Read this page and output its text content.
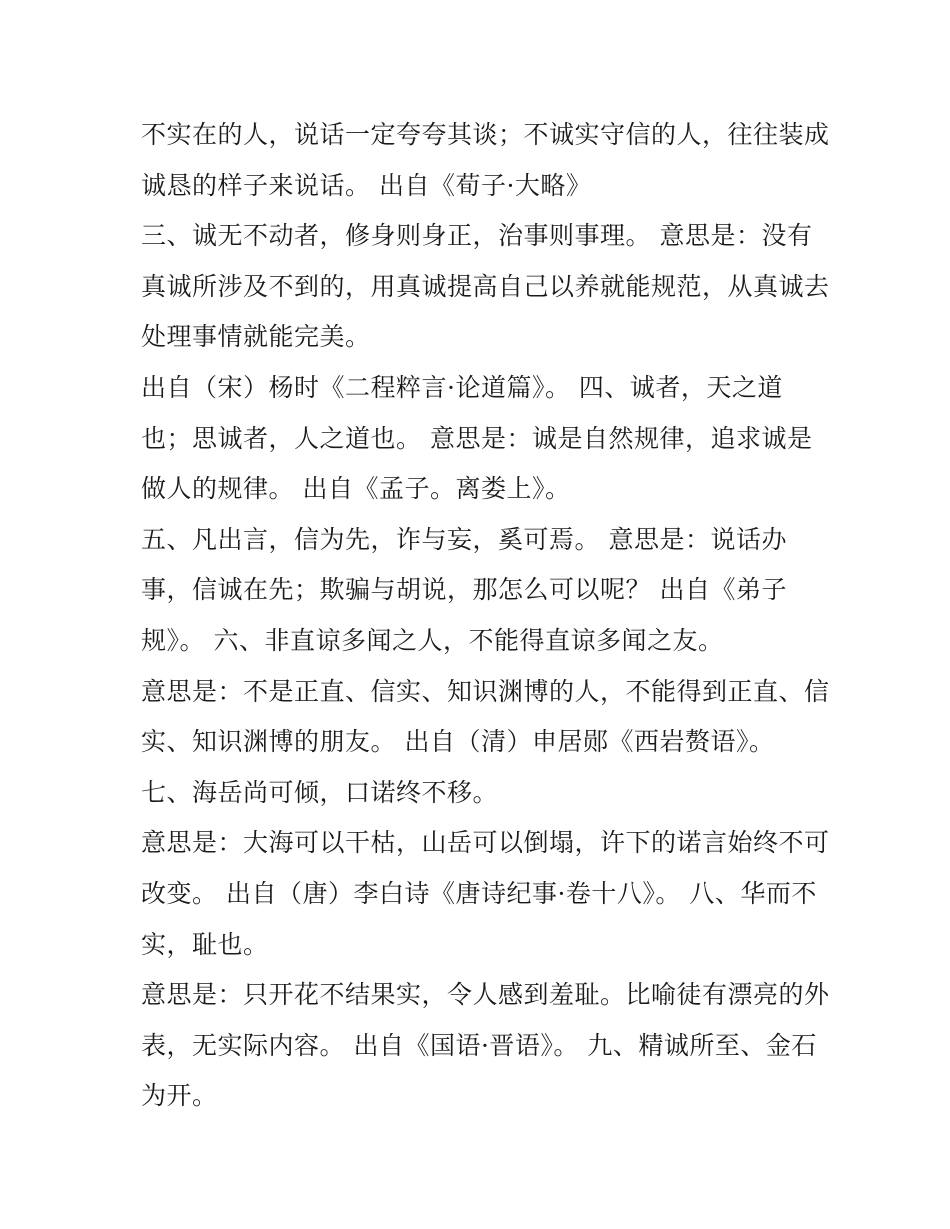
不实在的人，说话一定夸夸其谈；不诚实守信的人，往往装成
诚恳的样子来说话。 出自《荀子·大略》
三、诚无不动者，修身则身正，治事则事理。 意思是：没有
真诚所涉及不到的，用真诚提高自己以养就能规范，从真诚去
处理事情就能完美。
出自（宋）杨时《二程粹言·论道篇》。 四、诚者，天之道
也；思诚者，人之道也。 意思是：诚是自然规律，追求诚是
做人的规律。 出自《孟子。离娄上》。
五、凡出言，信为先，诈与妄，奚可焉。 意思是：说话办
事，信诚在先；欺骗与胡说，那怎么可以呢？ 出自《弟子
规》。 六、非直谅多闻之人，不能得直谅多闻之友。
意思是：不是正直、信实、知识渊博的人，不能得到正直、信
实、知识渊博的朋友。 出自（清）申居郧《西岩赘语》。
七、海岳尚可倾，口诺终不移。
意思是：大海可以干枯，山岳可以倒塌，许下的诺言始终不可
改变。 出自（唐）李白诗《唐诗纪事·卷十八》。 八、华而不
实，耻也。
意思是：只开花不结果实，令人感到羞耻。比喻徒有漂亮的外
表，无实际内容。 出自《国语·晋语》。 九、精诚所至、金石
为开。
